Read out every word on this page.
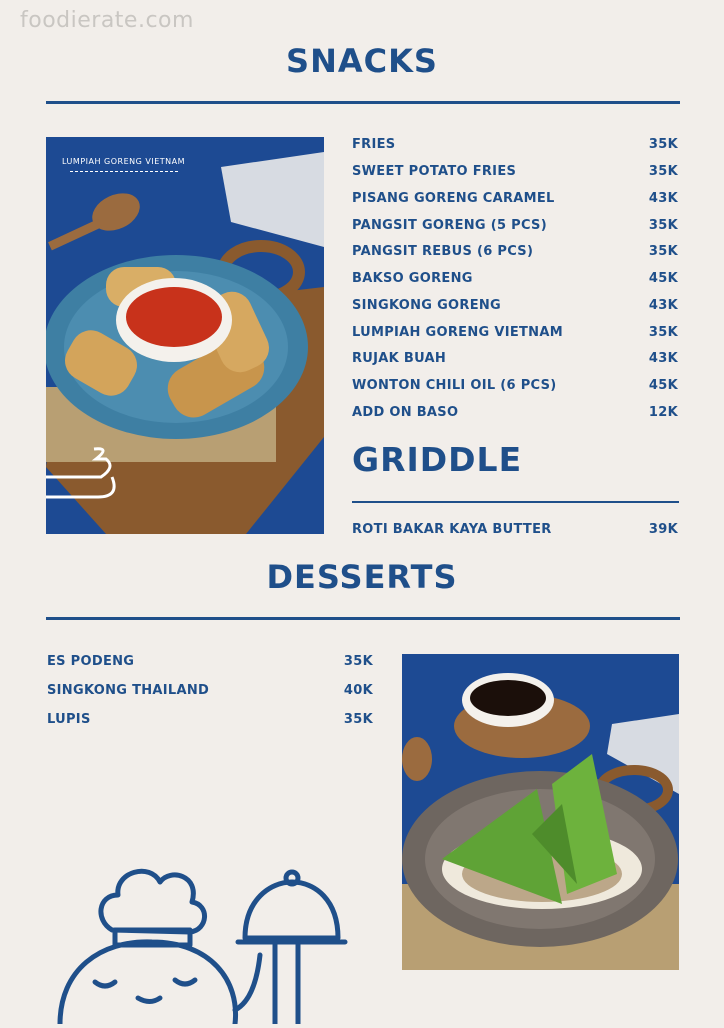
foodierate.com
SNACKS
LUMPIAH GORENG VIETNAM
FRIES	35K
SWEET POTATO FRIES	35K
PISANG GORENG CARAMEL	43K
PANGSIT GORENG (5 PCS)	35K
PANGSIT REBUS (6 PCS)	35K
BAKSO GORENG	45K
SINGKONG GORENG	43K
LUMPIAH GORENG VIETNAM	35K
RUJAK BUAH	43K
WONTON CHILI OIL (6 PCS)	45K
ADD ON BASO	12K
GRIDDLE
ROTI BAKAR KAYA BUTTER	39K
DESSERTS
ES PODENG	35K
SINGKONG THAILAND	40K
LUPIS	35K
